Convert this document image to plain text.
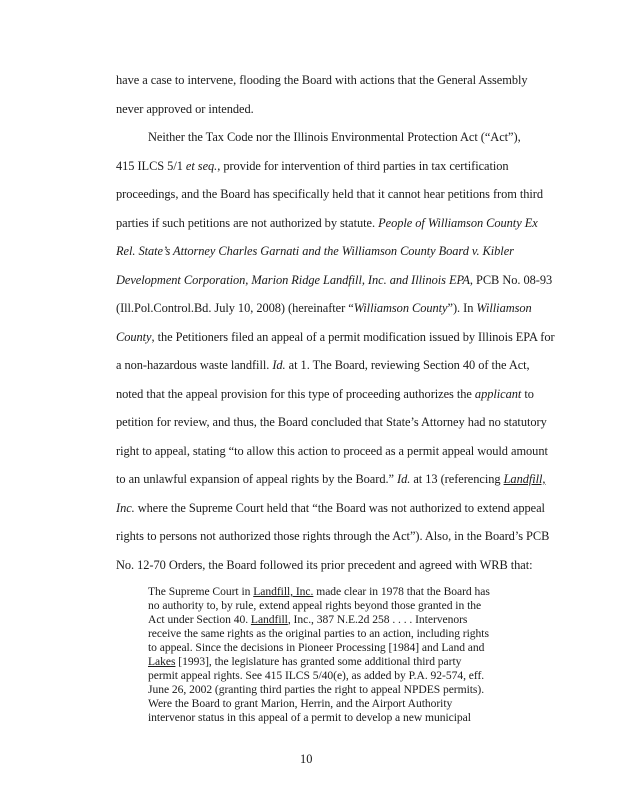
have a case to intervene, flooding the Board with actions that the General Assembly
never approved or intended.
Neither the Tax Code nor the Illinois Environmental Protection Act (“Act”),
415 ILCS 5/1 et seq., provide for intervention of third parties in tax certification
proceedings, and the Board has specifically held that it cannot hear petitions from third
parties if such petitions are not authorized by statute. People of Williamson County Ex
Rel. State’s Attorney Charles Garnati and the Williamson County Board v. Kibler
Development Corporation, Marion Ridge Landfill, Inc. and Illinois EPA, PCB No. 08-93
(Ill.Pol.Control.Bd. July 10, 2008) (hereinafter “Williamson County”). In Williamson
County, the Petitioners filed an appeal of a permit modification issued by Illinois EPA for
a non-hazardous waste landfill. Id. at 1. The Board, reviewing Section 40 of the Act,
noted that the appeal provision for this type of proceeding authorizes the applicant to
petition for review, and thus, the Board concluded that State’s Attorney had no statutory
right to appeal, stating “to allow this action to proceed as a permit appeal would amount
to an unlawful expansion of appeal rights by the Board.” Id. at 13 (referencing Landfill,
Inc. where the Supreme Court held that “the Board was not authorized to extend appeal
rights to persons not authorized those rights through the Act”). Also, in the Board’s PCB
No. 12-70 Orders, the Board followed its prior precedent and agreed with WRB that:
The Supreme Court in Landfill, Inc. made clear in 1978 that the Board has
no authority to, by rule, extend appeal rights beyond those granted in the
Act under Section 40. Landfill, Inc., 387 N.E.2d 258 . . . . Intervenors
receive the same rights as the original parties to an action, including rights
to appeal. Since the decisions in Pioneer Processing [1984] and Land and
Lakes [1993], the legislature has granted some additional third party
permit appeal rights. See 415 ILCS 5/40(e), as added by P.A. 92-574, eff.
June 26, 2002 (granting third parties the right to appeal NPDES permits).
Were the Board to grant Marion, Herrin, and the Airport Authority
intervenor status in this appeal of a permit to develop a new municipal
10
